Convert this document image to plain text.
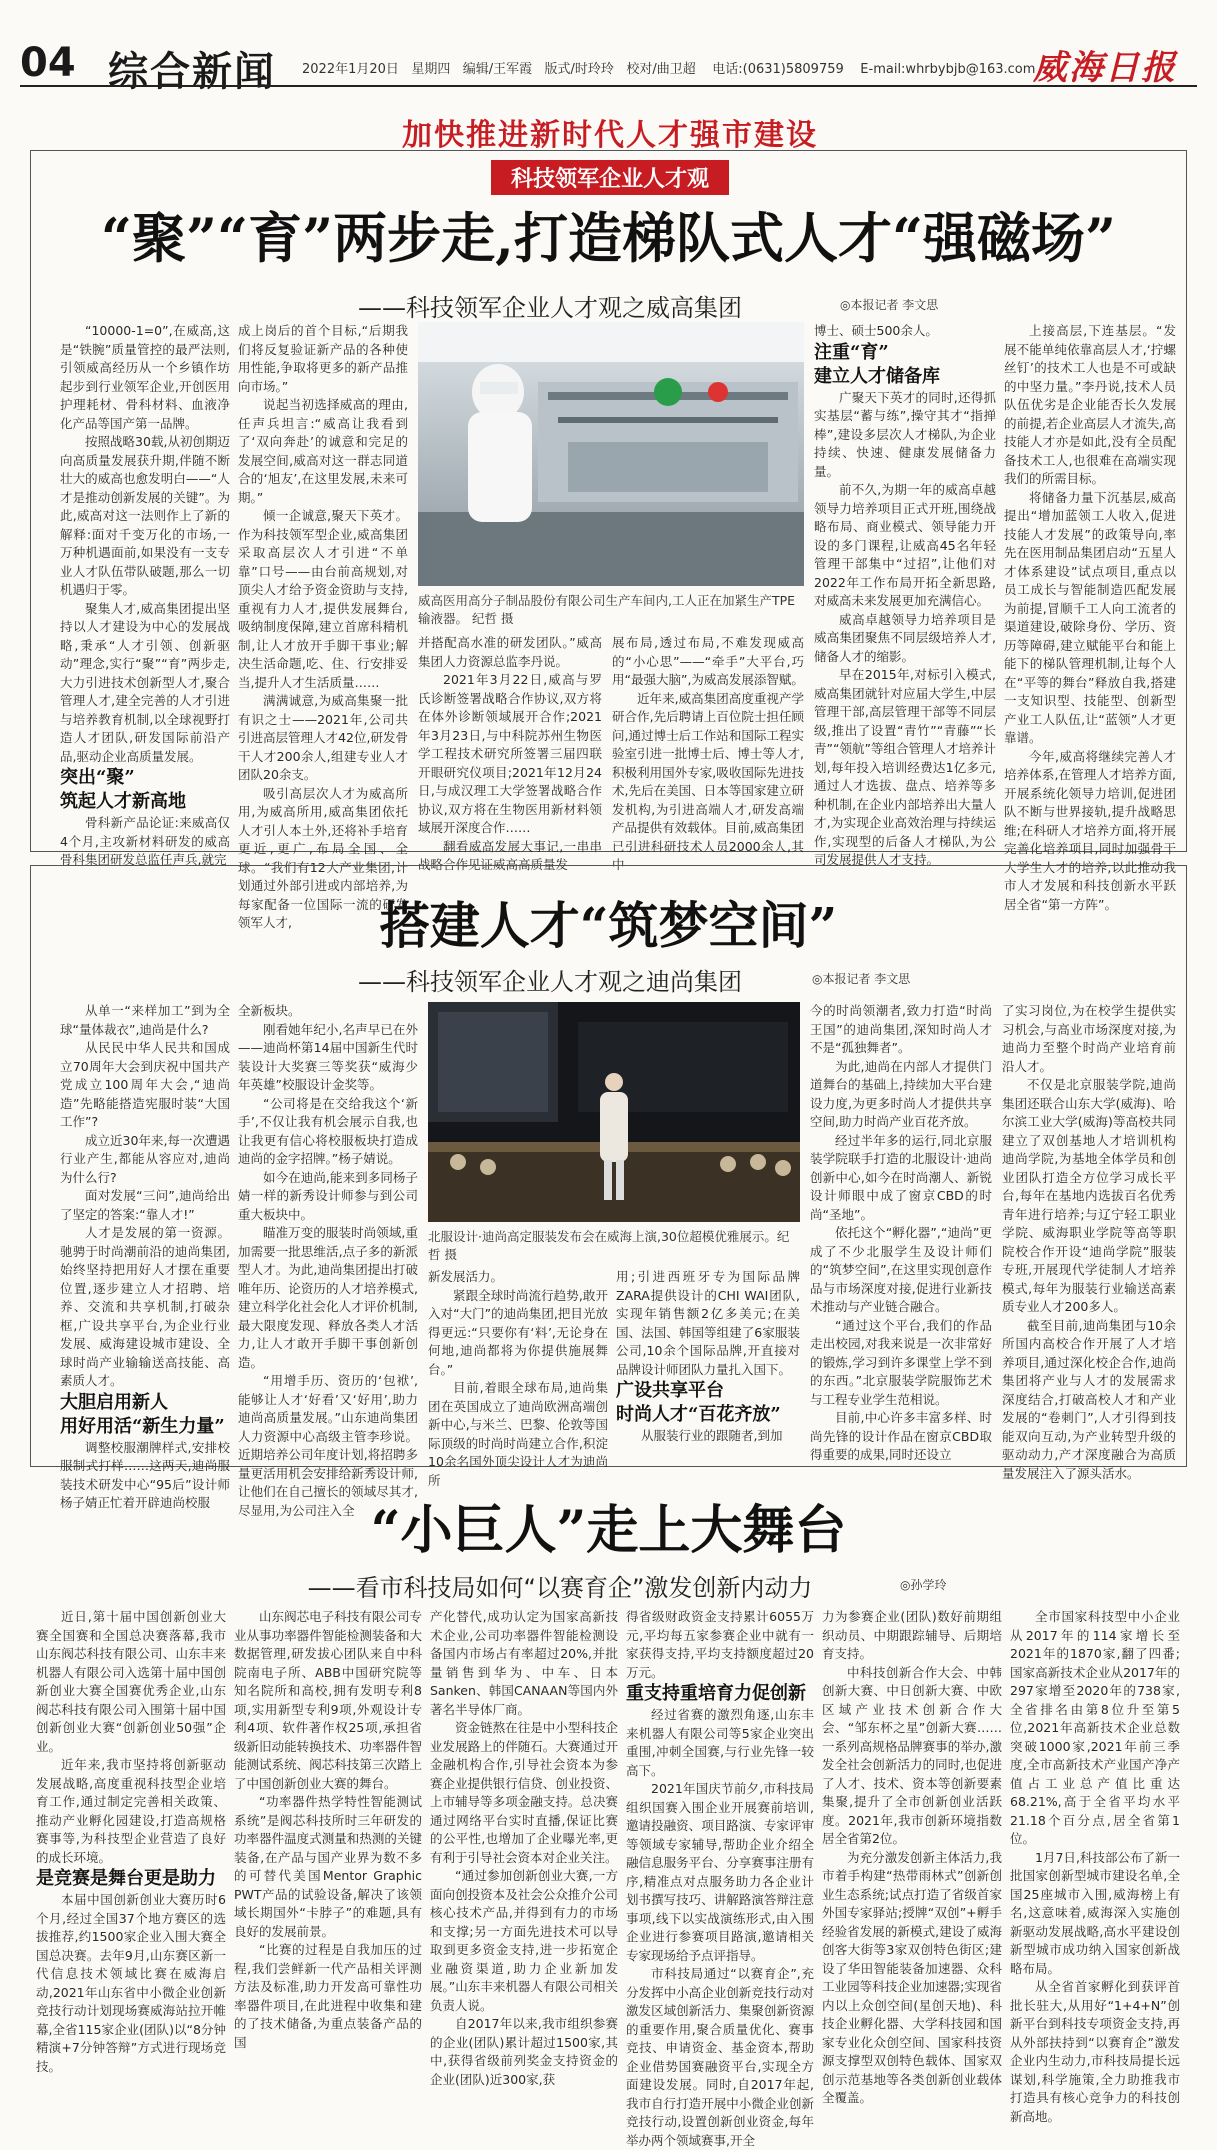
04 综合新闻 2022年1月20日 星期四 编辑/王军霞 版式/时玲玲 校对/曲卫超 电话:(0631)5809759 E-mail:whrbybjb@163.com
威海日报
加快推进新时代人才强市建设
科技领军企业人才观
“聚”“育”两步走,打造梯队式人才“强磁场”
——科技领军企业人才观之威高集团	◎本报记者 李文思

“10000-1=0”,在威高,这是“铁腕”质量管控的最严法则,引领威高经历从一个乡镇作坊起步到行业领军企业,开创医用护理耗材、骨科材料、血液净化产品等国产第一品牌。

按照战略30载,从初创期迈向高质量发展获升期,伴随不断壮大的威高也愈发明白——“人才是推动创新发展的关键”。为此,威高对这一法则作上了新的解释:面对千变万化的市场,一万种机遇面前,如果没有一支专业人才队伍带队破题,那么一切机遇归于零。

聚集人才,威高集团提出坚持以人才建设为中心的发展战略,秉承“人才引领、创新驱动”理念,实行“聚”“育”两步走,大力引进技术创新型人才,聚合管理人才,建全完善的人才引进与培养教育机制,以全球视野打造人才团队,研发国际前沿产品,驱动企业高质量发展。

突出“聚”
筑起人才新高地

骨科新产品论证:来威高仅4个月,主攻新材料研发的威高骨科集团研发总监任声兵,就完

成上岗后的首个目标,“后期我们将反复验证新产品的各种使用性能,争取将更多的新产品推向市场。”

说起当初选择威高的理由,任声兵坦言:“威高让我看到了‘双向奔赴’的诚意和完足的发展空间,威高对这一群志同道合的‘旭友’,在这里发展,未来可期。”

倾一企诚意,聚天下英才。作为科技领军型企业,威高集团采取高层次人才引进“不单靠”口号——由台前高规划,对顶尖人才给予资金资助与支持,重视有力人才,提供发展舞台,吸纳制度保障,建立首席科精机制,让人才放开手脚干事业;解决生活命题,吃、住、行安排妥当,提升人才生活质量……

满满诚意,为威高集聚一批有识之士——2021年,公司共引进高层管理人才42位,研发骨干人才200余人,组建专业人才团队20余支。

吸引高层次人才为威高所用,为威高所用,威高集团依托人才引人本土外,还将补手培育更近,更广,布局全国、全球。“我们有12大产业集团,计划通过外部引进或内部培养,为每家配备一位国际一流的研发领军人才,

威高医用高分子制品股份有限公司生产车间内,工人正在加紧生产TPE输液器。 纪哲 摄

并搭配高水准的研发团队。”威高集团人力资源总监李丹说。

2021年3月22日,威高与罗氏诊断签署战略合作协议,双方将在体外诊断领域展开合作;2021年3月23日,与中科院苏州生物医学工程技术研究所签署三届四联开眼研究仪项目;2021年12月24日,与成汉理工大学签署战略合作协议,双方将在生物医用新材料领域展开深度合作……

翻看威高发展大事记,一串串战略合作见证威高高质量发

展布局,透过布局,不难发现威高的“小心思”——“牵手”大平台,巧用“最强大脑”,为威高发展添智赋。

近年来,威高集团高度重视产学研合作,先后聘请上百位院士担任顾问,通过博士后工作站和国际工程实验室引进一批博士后、博士等人才,积极利用国外专家,吸收国际先进技术,先后在美国、日本等国家建立研发机构,为引进高端人才,研发高端产品提供有效载体。目前,威高集团已引进科研技术人员2000余人,其中

博士、硕士500余人。

注重“育”
建立人才储备库

广聚天下英才的同时,还得抓实基层“蓄与练”,操守其才“指掸棒”,建设多层次人才梯队,为企业持续、快速、健康发展储备力量。

前不久,为期一年的威高卓越领导力培养项目正式开班,围绕战略布局、商业模式、领导能力开设的多门课程,让威高45名年轻管理干部集中“过招”,让他们对2022年工作布局开拓全新思路,对威高未来发展更加充满信心。

威高卓越领导力培养项目是威高集团聚焦不同层级培养人才,储备人才的缩影。

早在2015年,对标引入模式,威高集团就针对应届大学生,中层管理干部,高层管理干部等不同层级,推出了设置“青竹”“青藤”“长青”“领航”等组合管理人才培养计划,每年投入培训经费达1亿多元,通过人才选拔、盘点、培养等多种机制,在企业内部培养出大量人才,为实现企业高效治理与持续运作,实现型的后备人才梯队,为公司发展提供人才支持。

上接高层,下连基层。“发展不能单纯依靠高层人才,‘拧螺丝钉’的技术工人也是不可或缺的中坚力量。”李丹说,技术人员队伍优劣是企业能否长久发展的前提,若企业高层人才流失,高技能人才亦是如此,没有全员配备技术工人,也很难在高端实现我们的所需目标。

将储备力量下沉基层,威高提出“增加蓝领工人收入,促进技能人才发展”的政策导向,率先在医用制品集团启动“五星人才体系建设”试点项目,重点以员工成长与智能制造匹配发展为前提,冒顺千工人向工流者的渠道建设,破除身份、学历、资历等障碍,建立赋能平台和能上能下的梯队管理机制,让每个人在“平等的舞台”释放自我,搭建一支知识型、技能型、创新型产业工人队伍,让“蓝领”人才更靠谱。

今年,威高将继续完善人才培养体系,在管理人才培养方面,开展系统化领导力培训,促进团队不断与世界接轨,提升战略思维;在科研人才培养方面,将开展完善化培养项目,同时加强骨干大学生人才的培养,以此推动我市人才发展和科技创新水平跃居全省“第一方阵”。

搭建人才“筑梦空间”
——科技领军企业人才观之迪尚集团	◎本报记者 李文思

从单一“来样加工”到为全球“量体裁衣”,迪尚是什么?

从民民中华人民共和国成立70周年大会到庆祝中国共产党成立100周年大会,“迪尚造”先略能搭造宪服时装“大国工作”?

成立近30年来,每一次遭遇行业产生,都能从容应对,迪尚为什么行?

面对发展“三问”,迪尚给出了坚定的答案:“靠人才!”

人才是发展的第一资源。驰骋于时尚潮前沿的迪尚集团,始终坚持把用好人才摆在重要位置,逐步建立人才招聘、培养、交流和共享机制,打破杂框,广设共享平台,为企业行业发展、威海建设城市建设、全球时尚产业输输送高技能、高素质人才。

大胆启用新人
用好用活“新生力量”

调整校服潮牌样式,安排校服制式打样……这两天,迪尚服装技术研发中心“95后”设计师杨子婧正忙着开辟迪尚校服

全新板块。

刚看她年纪小,名声早已在外——迪尚杯第14届中国新生代时装设计大奖赛三等奖获“威海少年英雄”校服设计金奖等。

“公司将是在交给我这个‘新手’,不仅让我有机会展示自我,也让我更有信心将校服板块打造成迪尚的金字招牌。”杨子婧说。

如今在迪尚,能来到多同杨子婧一样的新秀设计师参与到公司重大板块中。

瞄准万变的服装时尚领域,重加需要一批思维活,点子多的新派型人才。为此,迪尚集团提出打破唯年历、论资历的人才培养模式,建立科学化社会化人才评价机制,最大限度发现、释放各类人才活力,让人才敢开手脚干事创新创造。

“用增手历、资历的‘包袱’,能够让人才‘好看’又‘好用’,助力迪尚高质量发展。”山东迪尚集团人力资源中心高级主管李珍说。近期培养公司年度计划,将招聘多量更活用机会安排给新秀设计师,让他们在自己擅长的领域尽其才,尽显用,为公司注入全

北服设计·迪尚高定服装发布会在威海上演,30位超模优雅展示。纪哲 摄

新发展活力。

紧跟全球时尚流行趋势,敢开入对“大门”的迪尚集团,把目光放得更远:“只要你有‘料’,无论身在何地,迪尚都将为你提供施展舞台。”

目前,着眼全球布局,迪尚集团在英国成立了迪尚欧洲高端创新中心,与米兰、巴黎、伦敦等国际顶级的时尚时尚建立合作,积淀10余名国外顶尖设计人才为迪尚所

用;引进西班牙专为国际品牌ZARA提供设计的CHI WAI团队,实现年销售额2亿多美元;在美国、法国、韩国等组建了6家服装公司,10余个国际品牌,开直接对品牌设计师团队力量扎入国下。

广设共享平台
时尚人才“百花齐放”

从服装行业的跟随者,到加

今的时尚领潮者,致力打造“时尚王国”的迪尚集团,深知时尚人才不是“孤独舞者”。

为此,迪尚在内部人才提供门道舞台的基础上,持续加大平台建设力度,为更多时尚人才提供共享空间,助力时尚产业百花齐放。

经过半年多的运行,同北京服装学院联手打造的北服设计·迪尚创新中心,如今在时尚潮人、新锐设计师眼中成了窗京CBD的时尚“圣地”。

依托这个“孵化器”,“迪尚”更成了不少北服学生及设计师们的“筑梦空间”,在这里实现创意作品与市场深度对接,促进行业新技术推动与产业链合融合。

“通过这个平台,我们的作品走出校园,对我来说是一次非常好的锻炼,学习到许多课堂上学不到的东西。”北京服装学院服饰艺术与工程专业学生范相说。

目前,中心许多丰富多样、时尚先锋的设计作品在窗京CBD取得重要的成果,同时还设立

了实习岗位,为在校学生提供实习机会,与高业市场深度对接,为迪尚力至整个时尚产业培育前沿人才。

不仅是北京服装学院,迪尚集团还联合山东大学(威海)、哈尔滨工业大学(威海)等高校共同建立了双创基地人才培训机构迪尚学院,为基地全体学员和创业团队打造全方位学习成长平台,每年在基地内选拔百名优秀青年进行培养;与辽宁轻工职业学院、威海职业学院等高等职院校合作开设“迪尚学院”服装专班,开展现代学徒制人才培养模式,每年为服装行业输送高素质专业人才200多人。

截至目前,迪尚集团与10余所国内高校合作开展了人才培养项目,通过深化校企合作,迪尚集团将产业与人才的发展需求深度结合,打破高校人才和产业发展的“卷刺门”,人才引得到技能双向互动,为产业转型升级的驱动动力,产才深度融合为高质量发展注入了源头活水。

“小巨人”走上大舞台
——看市科技局如何“以赛育企”激发创新内动力	◎孙学玲

近日,第十届中国创新创业大赛全国赛和全国总决赛落幕,我市山东阀芯科技有限公司、山东丰来机器人有限公司入选第十届中国创新创业大赛全国赛优秀企业,山东阀芯科技有限公司入围第十届中国创新创业大赛“创新创业50强”企业。

近年来,我市坚持将创新驱动发展战略,高度重视科技型企业培育工作,通过制定完善相关政策、推动产业孵化园建设,打造高规格赛事等,为科技型企业营造了良好的成长环境。

是竞赛是舞台更是助力

本届中国创新创业大赛历时6个月,经过全国37个地方赛区的选拔推荐,约1500家企业入围大赛全国总决赛。去年9月,山东赛区新一代信息技术领域比赛在威海启动,2021年山东省中小微企业创新竞技行动计划现场赛威海站拉开帷幕,全省115家企业(团队)以“8分钟精演+7分钟答辩”方式进行现场竞技。

山东阀芯电子科技有限公司专业从事功率器件智能检测装备和大数据管理,研发拔心团队来自中科院南电子所、ABB中国研究院等知名院所和高校,拥有发明专利8项,实用新型专利9项,外观设计专利4项、软件著作权25项,承担省级新旧动能转换技术、功率器件智能测试系统、阀芯科技第三次踏上了中国创新创业大赛的舞台。

“功率器件热学特性智能测试系统”是阀芯科技所时三年研发的功率器件温度式测量和热测的关键装备,在产品与国产业界为数不多的可替代美国Mentor Graphic PWT产品的试验设备,解决了该领域长期国外“卡脖子”的难题,具有良好的发展前景。

“比赛的过程是自我加压的过程,我们尝鲜新一代产品相关评测方法及标准,助力开发高可靠性功率器件项目,在此进程中收集和建的了技术储备,为重点装备产品的国

产化替代,成功认定为国家高新技术企业,公司功率器件智能检测设备国内市场占有率超过20%,并批量销售到华为、中车、日本Sanken、韩国CANAAN等国内外著名半导体厂商。

资金链熬在往是中小型科技企业发展路上的伴随石。大赛通过开金融机构合作,引导社会资本为参赛企业提供银行信贷、创业投资、上市辅导等多项金融支持。总决赛通过网络平台实时直播,保证比赛的公平性,也增加了企业曝光率,更有利于引导社会资本对企业关注。

“通过参加创新创业大赛,一方面向创投资本及社会公众推介公司核心技术产品,并得到有力的市场和支撑;另一方面先进技术可以导取到更多资金支持,进一步拓宽企业融资渠道,助力企业新加发展。”山东丰来机器人有限公司相关负责人说。

自2017年以来,我市组织参赛的企业(团队)累计超过1500家,其中,获得省级前列奖金支持资金的企业(团队)近300家,获

得省级财政资金支持累计6055万元,平均每五家参赛企业中就有一家获得支持,平均支持额度超过20万元。

重支持重培育力促创新

经过省赛的激烈角逐,山东丰来机器人有限公司等5家企业突出重围,冲刺全国赛,与行业先锋一较高下。

2021年国庆节前夕,市科技局组织国赛入围企业开展赛前培训,邀请投融资、项目路演、专家评审等领域专家辅导,帮助企业介绍全融信息服务平台、分享赛事注册有序,精准点对点服务助力各企业计划书撰写技巧、讲解路演答辩注意事项,线下以实战演练形式,由入围企业进行参赛项目路演,邀请相关专家现场给予点评指导。

市科技局通过“以赛育企”,充分发挥中小高企业创新竞技行动对激发区域创新活力、集聚创新资源的重要作用,聚合质量优化、赛事竞技、申请资金、基金资本,帮助企业借势国赛融资平台,实现全方面建设发展。同时,自2017年起,我市自行打造开展中小微企业创新竞技行动,设置创新创业资金,每年举办两个领域赛事,开全

力为参赛企业(团队)数好前期组织动员、中期跟踪辅导、后期培育支持。

中科技创新合作大会、中韩创新大赛、中日创新大赛、中欧区域产业技术创新合作大会、“邹东杯之星”创新大赛……一系列高规格品牌赛事的举办,激发全社会创新活力的同时,也促进了人才、技术、资本等创新要素集聚,提升了全市创新创业活跃度。2021年,我市创新环境指数居全省第2位。

为充分激发创新主体活力,我市着手构建“热带雨林式”创新创业生态系统;试点打造了省级首家外国专家驿站;授牌“双创”+孵手经验省发展的新模式,建设了威海创客大街等3家双创特色街区;建设了华田智能装备加速器、众科工业园等科技企业加速器;实现省内以上众创空间(星创天地)、科技企业孵化器、大学科技园和国家专业化众创空间、国家科技资源支撑型双创特色载体、国家双创示范基地等各类创新创业载体全覆盖。

全市国家科技型中小企业从2017年的114家增长至2021年的1870家,翻了四番;国家高新技术企业从2017年的297家增至2020年的738家,全省排名由第8位升至第5位,2021年高新技术企业总数突破1000家,2021年前三季度,全市高新技术产业国产净产值占工业总产值比重达68.21%,高于全省平均水平21.18个百分点,居全省第1位。

1月7日,科技部公布了新一批国家创新型城市建设名单,全国25座城市入围,威海榜上有名,这意味着,威海深入实施创新驱动发展战略,高水平建设创新型城市成功纳入国家创新战略布局。

从全省首家孵化到获评首批长驻大,从用好“1+4+N”创新平台到科技专项资金支持,再从外部扶持到“以赛育企”激发企业内生动力,市科技局提长远谋划,科学施策,全力助推我市打造具有核心竞争力的科技创新高地。
